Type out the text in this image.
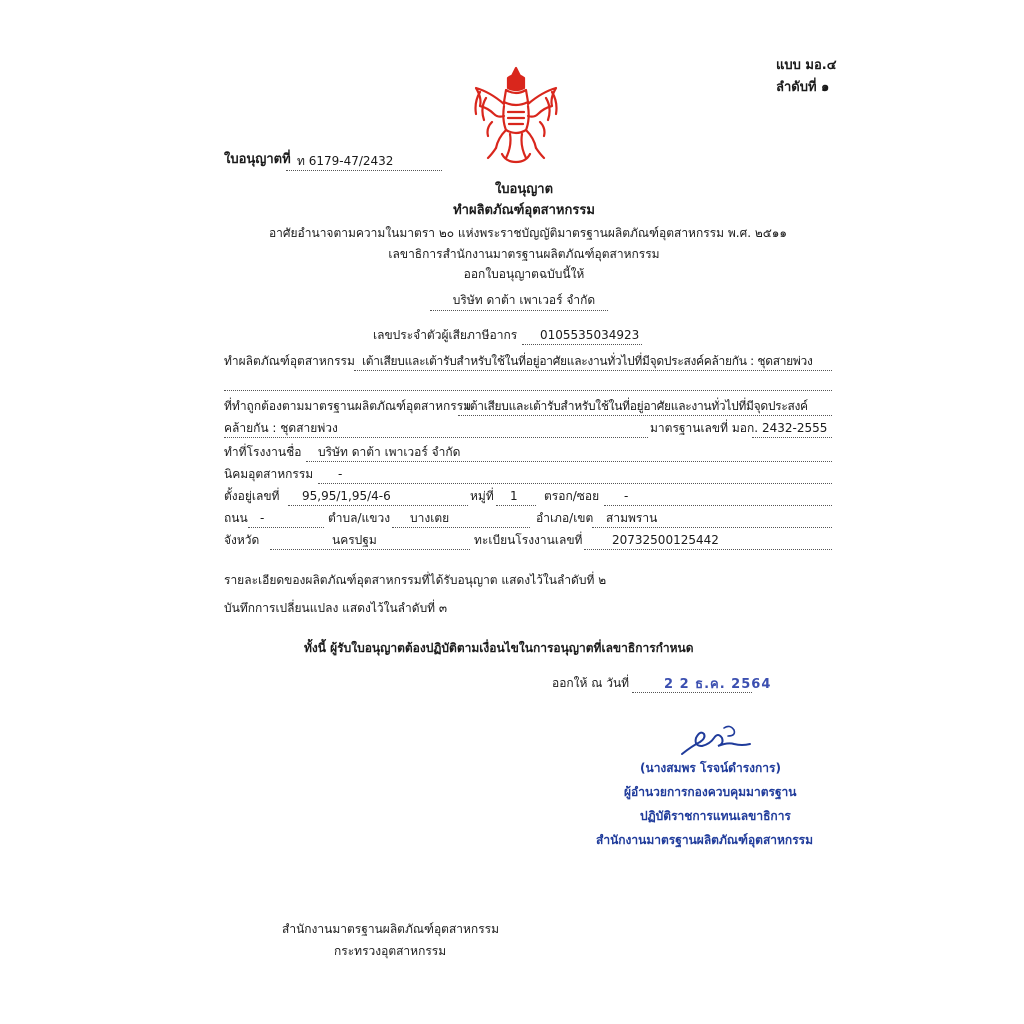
แบบ มอ.๔
ลำดับที่ ๑
ใบอนุญาตที่ ท 6179-47/2432
ใบอนุญาต
ทำผลิตภัณฑ์อุตสาหกรรม
อาศัยอำนาจตามความในมาตรา ๒๐ แห่งพระราชบัญญัติมาตรฐานผลิตภัณฑ์อุตสาหกรรม พ.ศ. ๒๕๑๑
เลขาธิการสำนักงานมาตรฐานผลิตภัณฑ์อุตสาหกรรม
ออกใบอนุญาตฉบับนี้ให้
บริษัท ดาต้า เพาเวอร์ จำกัด
เลขประจำตัวผู้เสียภาษีอากร 0105535034923
ทำผลิตภัณฑ์อุตสาหกรรม เต้าเสียบและเต้ารับสำหรับใช้ในที่อยู่อาศัยและงานทั่วไปที่มีจุดประสงค์คล้ายกัน : ชุดสายพ่วง
ที่ทำถูกต้องตามมาตรฐานผลิตภัณฑ์อุตสาหกรรม
เต้าเสียบและเต้ารับสำหรับใช้ในที่อยู่อาศัยและงานทั่วไปที่มีจุดประสงค์
คล้ายกัน : ชุดสายพ่วง	มาตรฐานเลขที่ มอก. 2432-2555
ทำที่โรงงานชื่อ บริษัท ดาต้า เพาเวอร์ จำกัด
นิคมอุตสาหกรรม -
ตั้งอยู่เลขที่ 95,95/1,95/4-6	หมู่ที่ 1 ตรอก/ซอย -
ถนน -	ตำบล/แขวง บางเตย	อำเภอ/เขต สามพราน
จังหวัด	นครปฐม	ทะเบียนโรงงานเลขที่ 20732500125442
รายละเอียดของผลิตภัณฑ์อุตสาหกรรมที่ได้รับอนุญาต แสดงไว้ในลำดับที่ ๒
บันทึกการเปลี่ยนแปลง แสดงไว้ในลำดับที่ ๓
ทั้งนี้ ผู้รับใบอนุญาตต้องปฏิบัติตามเงื่อนไขในการอนุญาตที่เลขาธิการกำหนด
ออกให้ ณ วันที่	2 2 ธ.ค. 2564
(นางสมพร โรจน์ดำรงการ)
ผู้อำนวยการกองควบคุมมาตรฐาน
ปฏิบัติราชการแทนเลขาธิการ
สำนักงานมาตรฐานผลิตภัณฑ์อุตสาหกรรม
สำนักงานมาตรฐานผลิตภัณฑ์อุตสาหกรรม
กระทรวงอุตสาหกรรม
